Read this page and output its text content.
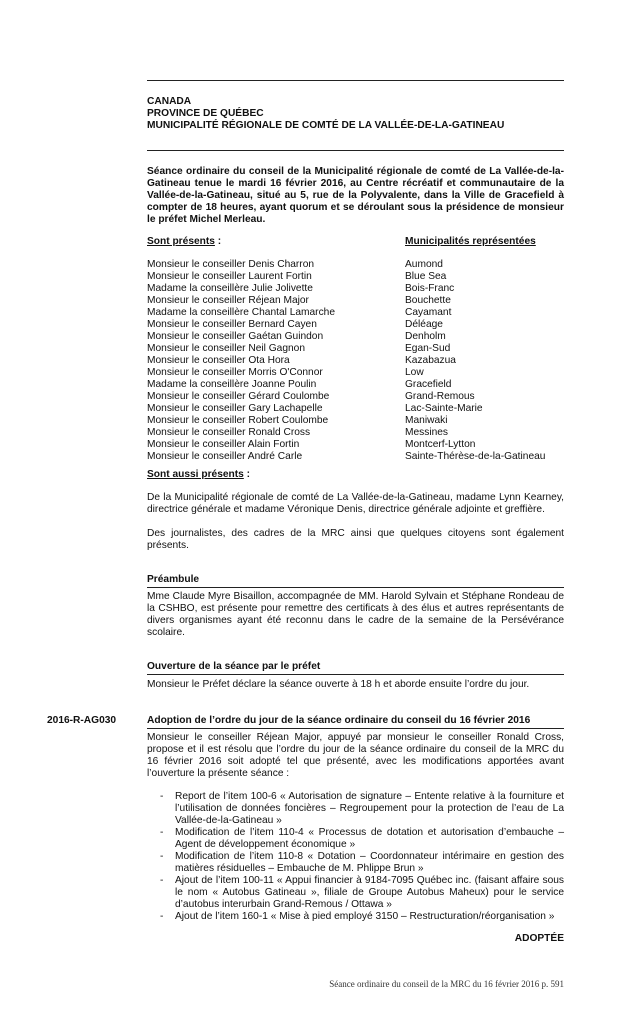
CANADA
PROVINCE DE QUÉBEC
MUNICIPALITÉ RÉGIONALE DE COMTÉ DE LA VALLÉE-DE-LA-GATINEAU
Séance ordinaire du conseil de la Municipalité régionale de comté de La Vallée-de-la-Gatineau tenue le mardi 16 février 2016, au Centre récréatif et communautaire de la Vallée-de-la-Gatineau, situé au 5, rue de la Polyvalente, dans la Ville de Gracefield à compter de 18 heures, ayant quorum et se déroulant sous la présidence de monsieur le préfet Michel Merleau.
Sont présents :	Municipalités représentées
Monsieur le conseiller Denis Charron	Aumond
Monsieur le conseiller Laurent Fortin	Blue Sea
Madame la conseillère Julie Jolivette	Bois-Franc
Monsieur le conseiller Réjean Major	Bouchette
Madame la conseillère Chantal Lamarche	Cayamant
Monsieur le conseiller Bernard Cayen	Déléage
Monsieur le conseiller Gaétan Guindon	Denholm
Monsieur le conseiller Neil Gagnon	Egan-Sud
Monsieur le conseiller Ota Hora	Kazabazua
Monsieur le conseiller Morris O'Connor	Low
Madame la conseillère Joanne Poulin	Gracefield
Monsieur le conseiller Gérard Coulombe	Grand-Remous
Monsieur le conseiller Gary Lachapelle	Lac-Sainte-Marie
Monsieur le conseiller Robert Coulombe	Maniwaki
Monsieur le conseiller Ronald Cross	Messines
Monsieur le conseiller Alain Fortin	Montcerf-Lytton
Monsieur le conseiller André Carle	Sainte-Thérèse-de-la-Gatineau
Sont aussi présents :
De la Municipalité régionale de comté de La Vallée-de-la-Gatineau, madame Lynn Kearney, directrice générale et madame Véronique Denis, directrice générale adjointe et greffière.
Des journalistes, des cadres de la MRC ainsi que quelques citoyens sont également présents.
Préambule
Mme Claude Myre Bisaillon, accompagnée de MM. Harold Sylvain et Stéphane Rondeau de la CSHBO, est présente pour remettre des certificats à des élus et autres représentants de divers organismes ayant été reconnu dans le cadre de la semaine de la Persévérance scolaire.
Ouverture de la séance par le préfet
Monsieur le Préfet déclare la séance ouverte à 18 h et aborde ensuite l’ordre du jour.
2016-R-AG030	Adoption de l’ordre du jour de la séance ordinaire du conseil du 16 février 2016
Monsieur le conseiller Réjean Major, appuyé par monsieur le conseiller Ronald Cross, propose et il est résolu que l’ordre du jour de la séance ordinaire du conseil de la MRC du 16 février 2016 soit adopté tel que présenté, avec les modifications apportées avant l’ouverture la présente séance :
- Report de l’item 100-6 « Autorisation de signature – Entente relative à la fourniture et l’utilisation de données foncières – Regroupement pour la protection de l’eau de La Vallée-de-la-Gatineau »
- Modification de l’item 110-4 « Processus de dotation et autorisation d’embauche – Agent de développement économique »
- Modification de l’item 110-8 « Dotation – Coordonnateur intérimaire en gestion des matières résiduelles – Embauche de M. Phlippe Brun »
- Ajout de l’item 100-11 « Appui financier à 9184-7095 Québec inc. (faisant affaire sous le nom « Autobus Gatineau », filiale de Groupe Autobus Maheux) pour le service d’autobus interurbain Grand-Remous / Ottawa »
- Ajout de l’item 160-1 « Mise à pied employé 3150 – Restructuration/réorganisation »
ADOPTÉE
Séance ordinaire du conseil de la MRC du 16 février 2016 p. 591
